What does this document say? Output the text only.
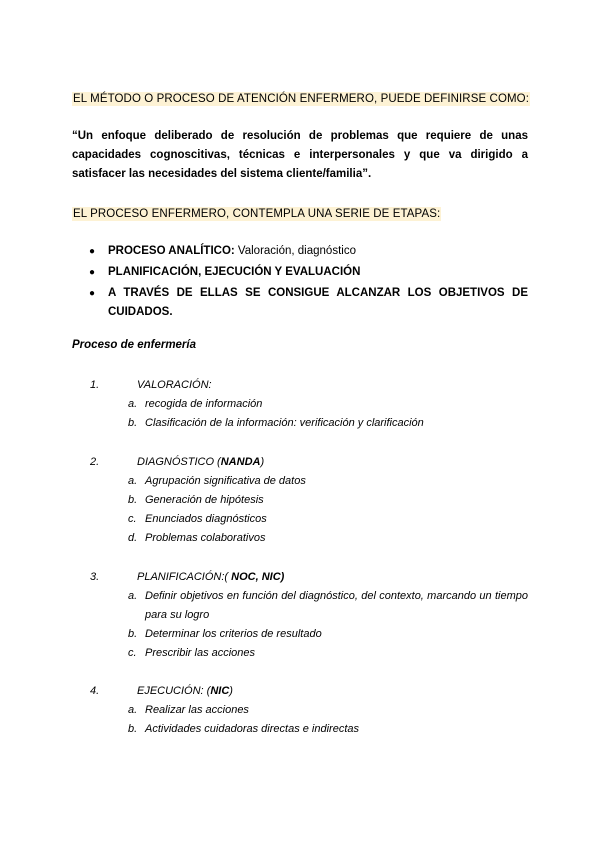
EL MÉTODO O PROCESO DE ATENCIÓN ENFERMERO, PUEDE DEFINIRSE COMO:
“Un enfoque deliberado de resolución de problemas que requiere de unas capacidades cognoscitivas, técnicas e interpersonales y que va dirigido a satisfacer las necesidades del sistema cliente/familia”.
EL PROCESO ENFERMERO, CONTEMPLA UNA SERIE DE ETAPAS:
● PROCESO ANALÍTICO: Valoración, diagnóstico
● PLANIFICACIÓN, EJECUCIÓN Y EVALUACIÓN
● A TRAVÉS DE ELLAS SE CONSIGUE ALCANZAR LOS OBJETIVOS DE CUIDADOS.
Proceso de enfermería
1.	VALORACIÓN:
a. recogida de información
b. Clasificación de la información: verificación y clarificación
2.	DIAGNÓSTICO (NANDA)
a. Agrupación significativa de datos
b. Generación de hipótesis
c. Enunciados diagnósticos
d. Problemas colaborativos
3.	PLANIFICACIÓN:( NOC, NIC)
a. Definir objetivos en función del diagnóstico, del contexto, marcando un tiempo para su logro
b. Determinar los criterios de resultado
c. Prescribir las acciones
4.	EJECUCIÓN: (NIC)
a. Realizar las acciones
b. Actividades cuidadoras directas e indirectas
